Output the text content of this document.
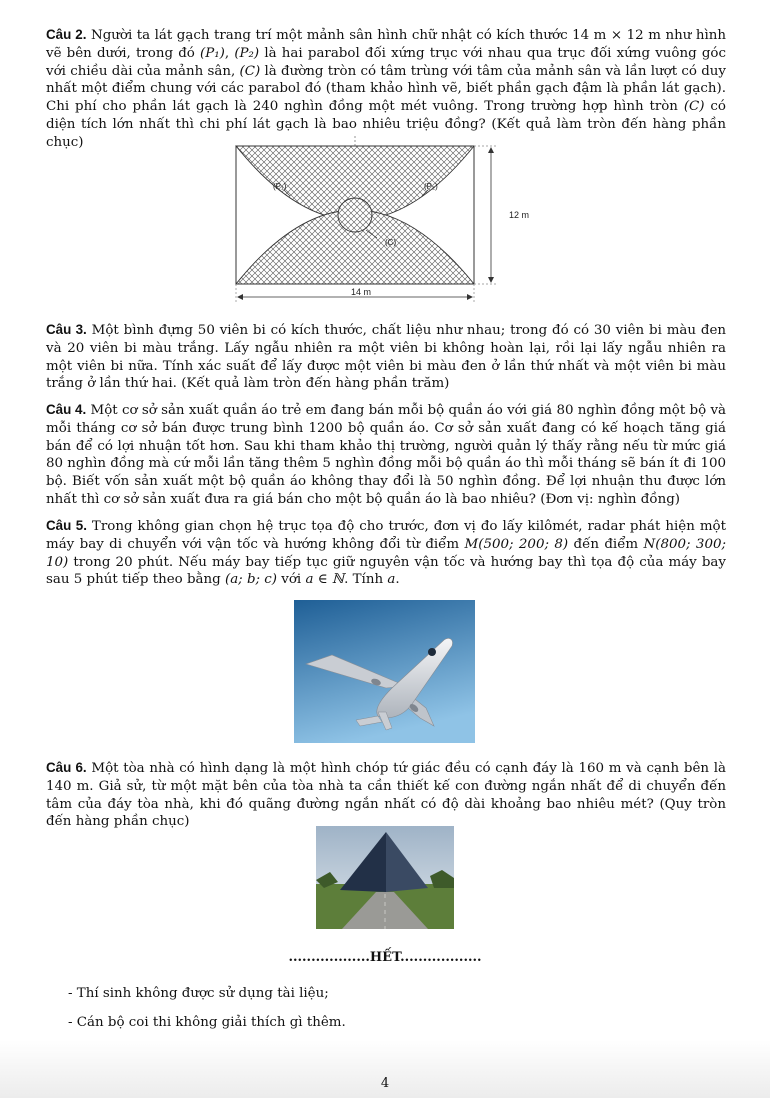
Câu 2. Người ta lát gạch trang trí một mảnh sân hình chữ nhật có kích thước 14 m × 12 m như hình vẽ bên dưới, trong đó (P₁), (P₂) là hai parabol đối xứng trục với nhau qua trục đối xứng vuông góc với chiều dài của mảnh sân, (C) là đường tròn có tâm trùng với tâm của mảnh sân và lần lượt có duy nhất một điểm chung với các parabol đó (tham khảo hình vẽ, biết phần gạch đậm là phần lát gạch). Chi phí cho phần lát gạch là 240 nghìn đồng một mét vuông. Trong trường hợp hình tròn (C) có diện tích lớn nhất thì chi phí lát gạch là bao nhiêu triệu đồng? (Kết quả làm tròn đến hàng phần chục)
(P₁)	(P₂)
(C)
12 m
14 m
Câu 3. Một bình đựng 50 viên bi có kích thước, chất liệu như nhau; trong đó có 30 viên bi màu đen và 20 viên bi màu trắng. Lấy ngẫu nhiên ra một viên bi không hoàn lại, rồi lại lấy ngẫu nhiên ra một viên bi nữa. Tính xác suất để lấy được một viên bi màu đen ở lần thứ nhất và một viên bi màu trắng ở lần thứ hai. (Kết quả làm tròn đến hàng phần trăm)
Câu 4. Một cơ sở sản xuất quần áo trẻ em đang bán mỗi bộ quần áo với giá 80 nghìn đồng một bộ và mỗi tháng cơ sở bán được trung bình 1200 bộ quần áo. Cơ sở sản xuất đang có kế hoạch tăng giá bán để có lợi nhuận tốt hơn. Sau khi tham khảo thị trường, người quản lý thấy rằng nếu từ mức giá 80 nghìn đồng mà cứ mỗi lần tăng thêm 5 nghìn đồng mỗi bộ quần áo thì mỗi tháng sẽ bán ít đi 100 bộ. Biết vốn sản xuất một bộ quần áo không thay đổi là 50 nghìn đồng. Để lợi nhuận thu được lớn nhất thì cơ sở sản xuất đưa ra giá bán cho một bộ quần áo là bao nhiêu? (Đơn vị: nghìn đồng)
Câu 5. Trong không gian chọn hệ trục tọa độ cho trước, đơn vị đo lấy kilômét, radar phát hiện một máy bay di chuyển với vận tốc và hướng không đổi từ điểm M(500; 200; 8) đến điểm N(800; 300; 10) trong 20 phút. Nếu máy bay tiếp tục giữ nguyên vận tốc và hướng bay thì tọa độ của máy bay sau 5 phút tiếp theo bằng (a; b; c) với a ∈ ℕ. Tính a.
Câu 6. Một tòa nhà có hình dạng là một hình chóp tứ giác đều có cạnh đáy là 160 m và cạnh bên là 140 m. Giả sử, từ một mặt bên của tòa nhà ta cần thiết kế con đường ngắn nhất để di chuyển đến tâm của đáy tòa nhà, khi đó quãng đường ngắn nhất có độ dài khoảng bao nhiêu mét? (Quy tròn đến hàng phần chục)
..................HẾT..................
- Thí sinh không được sử dụng tài liệu;
- Cán bộ coi thi không giải thích gì thêm.
4
